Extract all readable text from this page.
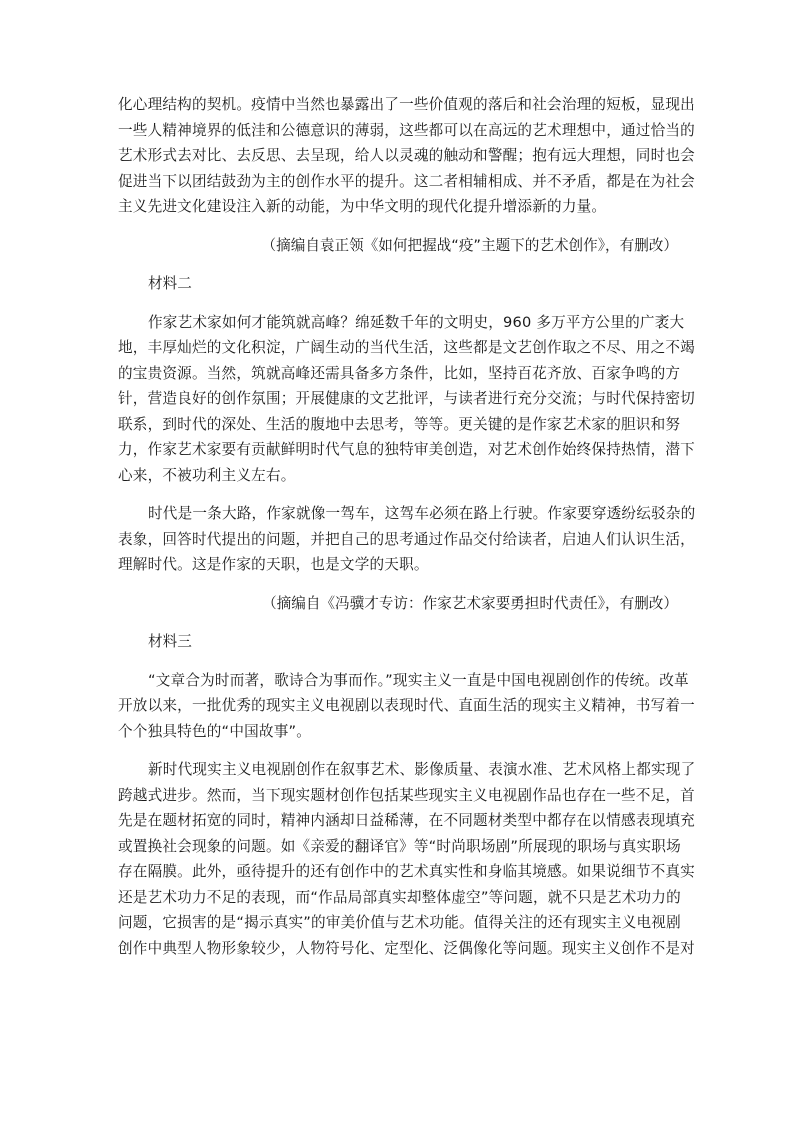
化心理结构的契机。疫情中当然也暴露出了一些价值观的落后和社会治理的短板，显现出
一些人精神境界的低洼和公德意识的薄弱，这些都可以在高远的艺术理想中，通过恰当的
艺术形式去对比、去反思、去呈现，给人以灵魂的触动和警醒；抱有远大理想，同时也会
促进当下以团结鼓劲为主的创作水平的提升。这二者相辅相成、并不矛盾，都是在为社会
主义先进文化建设注入新的动能，为中华文明的现代化提升增添新的力量。

（摘编自袁正领《如何把握战“疫”主题下的艺术创作》，有删改）

材料二

作家艺术家如何才能筑就高峰？绵延数千年的文明史，960 多万平方公里的广袤大
地，丰厚灿烂的文化积淀，广阔生动的当代生活，这些都是文艺创作取之不尽、用之不竭
的宝贵资源。当然，筑就高峰还需具备多方条件，比如，坚持百花齐放、百家争鸣的方
针，营造良好的创作氛围；开展健康的文艺批评，与读者进行充分交流；与时代保持密切
联系，到时代的深处、生活的腹地中去思考，等等。更关键的是作家艺术家的胆识和努
力，作家艺术家要有贡献鲜明时代气息的独特审美创造，对艺术创作始终保持热情，潜下
心来，不被功利主义左右。

时代是一条大路，作家就像一驾车，这驾车必须在路上行驶。作家要穿透纷纭驳杂的
表象，回答时代提出的问题，并把自己的思考通过作品交付给读者，启迪人们认识生活，
理解时代。这是作家的天职，也是文学的天职。

（摘编自《冯骥才专访：作家艺术家要勇担时代责任》，有删改）

材料三

“文章合为时而著，歌诗合为事而作。”现实主义一直是中国电视剧创作的传统。改革
开放以来，一批优秀的现实主义电视剧以表现时代、直面生活的现实主义精神，书写着一
个个独具特色的“中国故事”。

新时代现实主义电视剧创作在叙事艺术、影像质量、表演水准、艺术风格上都实现了
跨越式进步。然而，当下现实题材创作包括某些现实主义电视剧作品也存在一些不足，首
先是在题材拓宽的同时，精神内涵却日益稀薄，在不同题材类型中都存在以情感表现填充
或置换社会现象的问题。如《亲爱的翻译官》等“时尚职场剧”所展现的职场与真实职场
存在隔膜。此外，亟待提升的还有创作中的艺术真实性和身临其境感。如果说细节不真实
还是艺术功力不足的表现，而“作品局部真实却整体虚空”等问题，就不只是艺术功力的
问题，它损害的是“揭示真实”的审美价值与艺术功能。值得关注的还有现实主义电视剧
创作中典型人物形象较少，人物符号化、定型化、泛偶像化等问题。现实主义创作不是对
